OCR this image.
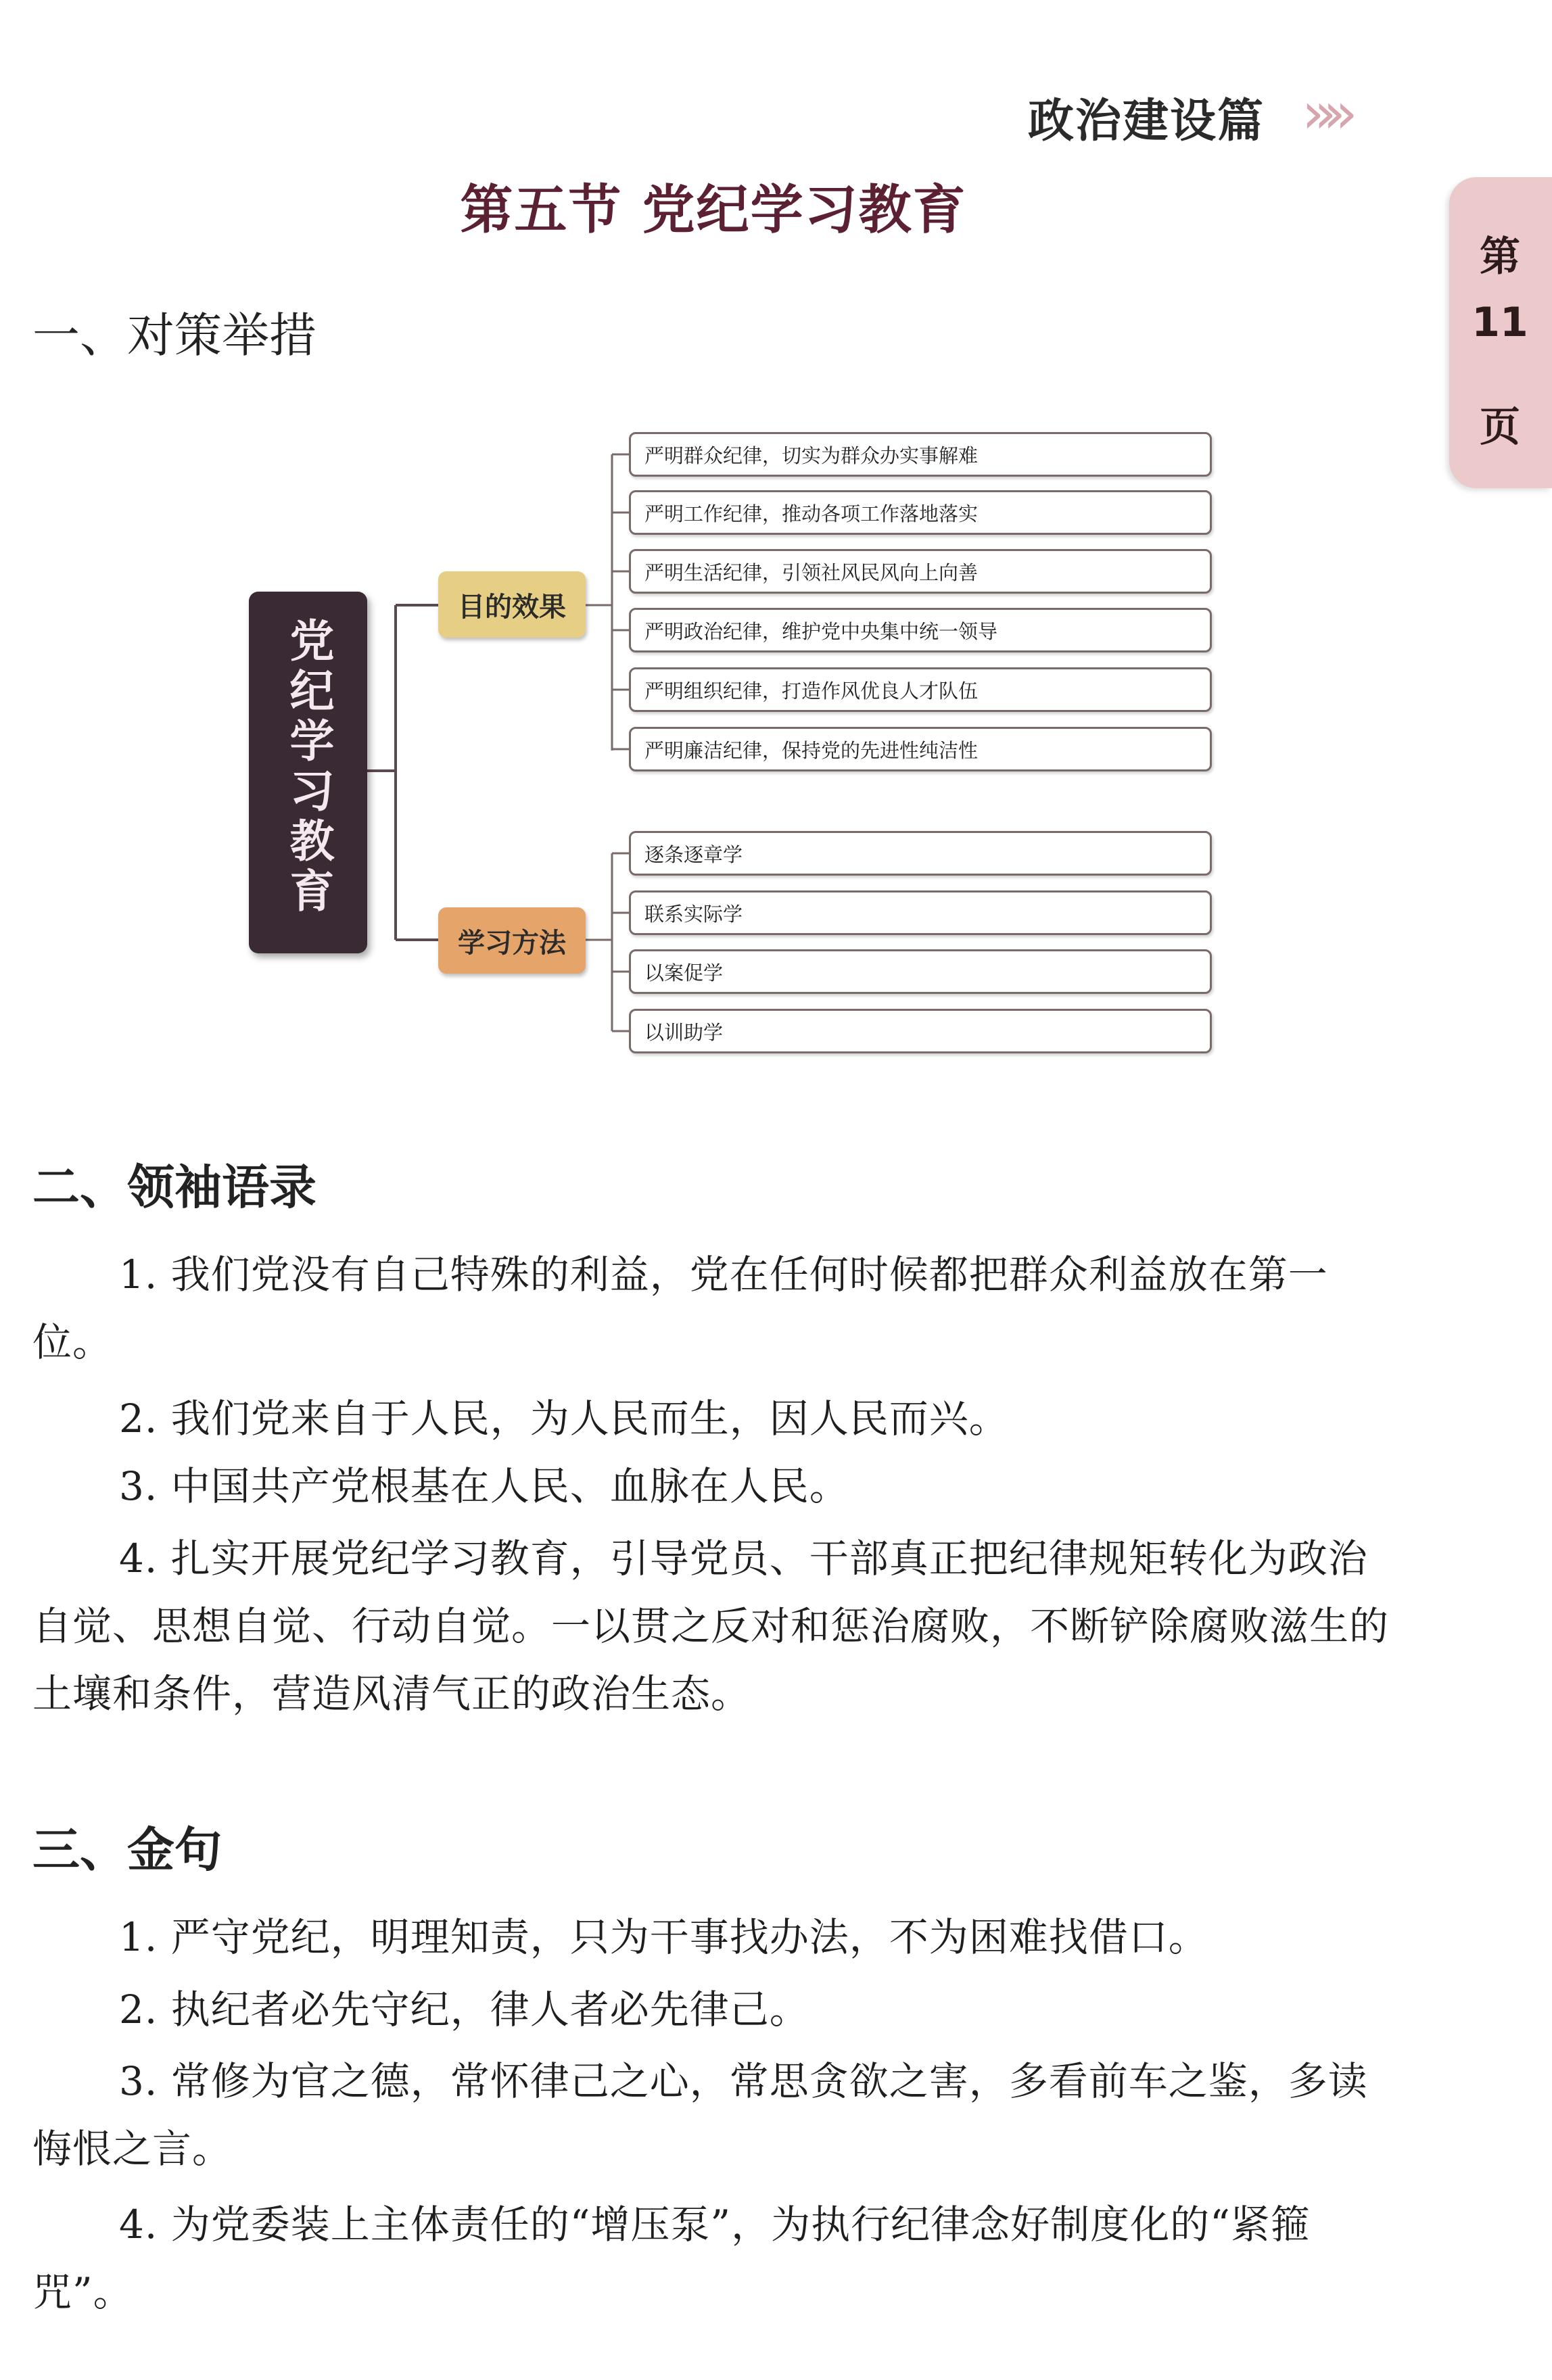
政治建设篇 »»
第
11
页
第五节 党纪学习教育
一、对策举措
党纪学习教育
目的效果
学习方法
严明群众纪律，切实为群众办实事解难
严明工作纪律，推动各项工作落地落实
严明生活纪律，引领社风民风向上向善
严明政治纪律，维护党中央集中统一领导
严明组织纪律，打造作风优良人才队伍
严明廉洁纪律，保持党的先进性纯洁性
逐条逐章学
联系实际学
以案促学
以训助学
二、领袖语录
1. 我们党没有自己特殊的利益，党在任何时候都把群众利益放在第一位。
2. 我们党来自于人民，为人民而生，因人民而兴。
3. 中国共产党根基在人民、血脉在人民。
4. 扎实开展党纪学习教育，引导党员、干部真正把纪律规矩转化为政治自觉、思想自觉、行动自觉。一以贯之反对和惩治腐败，不断铲除腐败滋生的土壤和条件，营造风清气正的政治生态。
三、金句
1. 严守党纪，明理知责，只为干事找办法，不为困难找借口。
2. 执纪者必先守纪，律人者必先律己。
3. 常修为官之德，常怀律己之心，常思贪欲之害，多看前车之鉴，多读悔恨之言。
4. 为党委装上主体责任的“增压泵”，为执行纪律念好制度化的“紧箍咒”。
